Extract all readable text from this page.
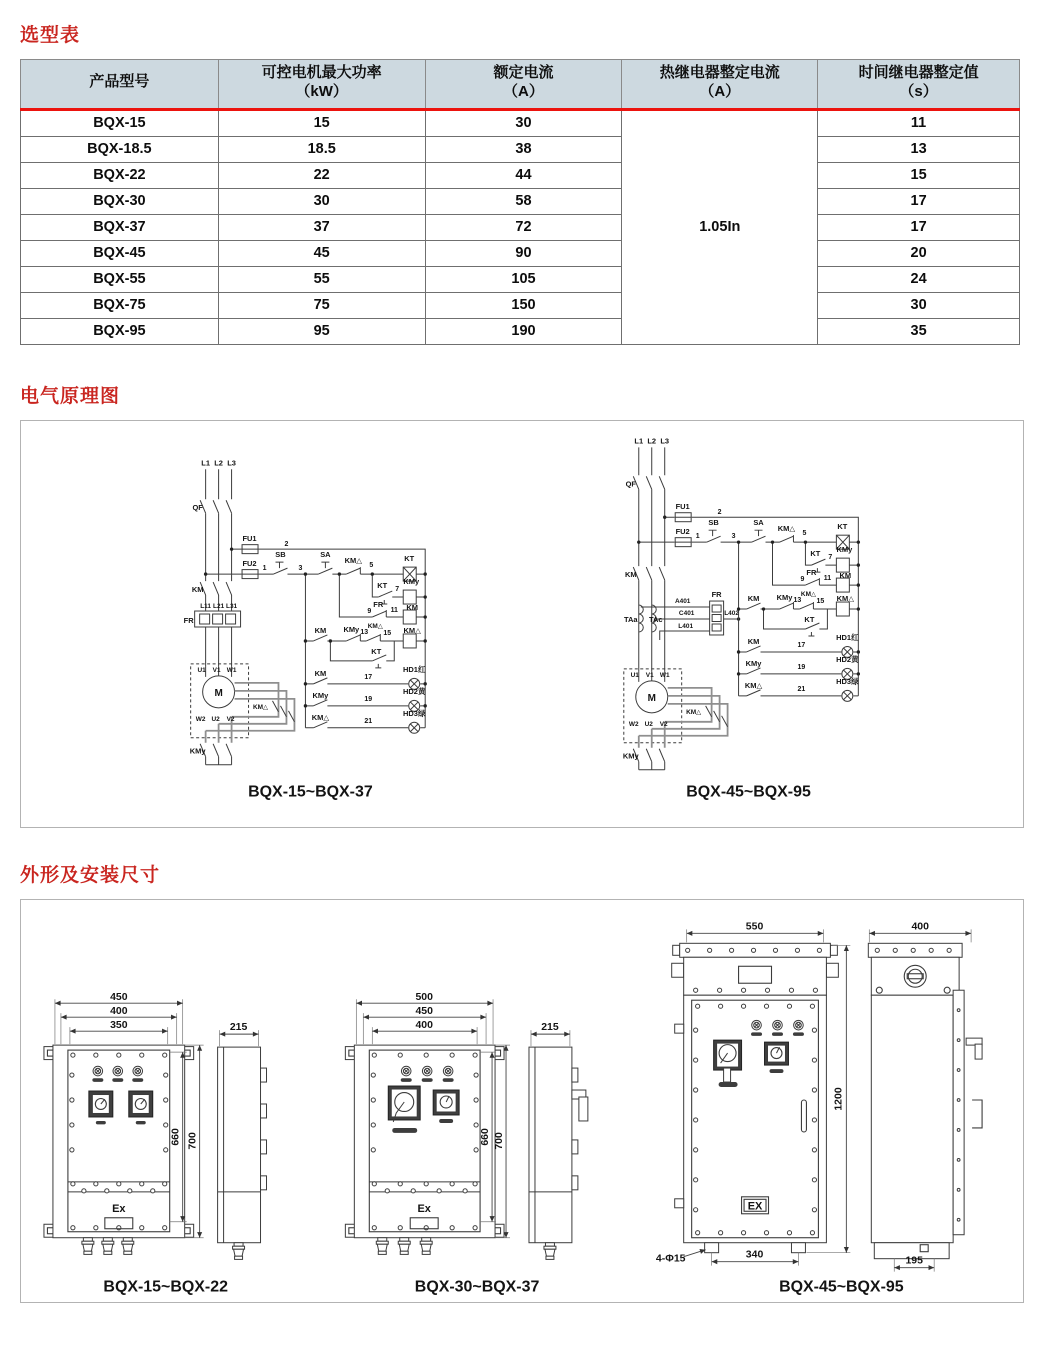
选型表
产品型号

可控电机最大功率
（kW）

额定电流
（A）

热继电器整定电流
（A）

时间继电器整定值
（s）

BQX-15	15	30	1.05In	11
BQX-18.5	18.5	38		13
BQX-22	22	44		15
BQX-30	30	58		17
BQX-37	37	72		17
BQX-45	45	90		20
BQX-55	55	105		24
BQX-75	75	150		30
BQX-95	95	190		35
电气原理图
L1 L2 L3
QF
KM
L11 L21 L31
FR
BQX-15~BQX-37
L1 L2 L3
QF
KM
TAa TAc
A401
C401
L401
L402
FR
BQX-45~BQX-95
外形及安装尺寸
Ex
450
400
350
660 700
215
BQX-15~BQX-22
Ex
500
450
400
660 700
215
BQX-30~BQX-37
EX
550
1200
4-Φ15	340
400
195
BQX-45~BQX-95
